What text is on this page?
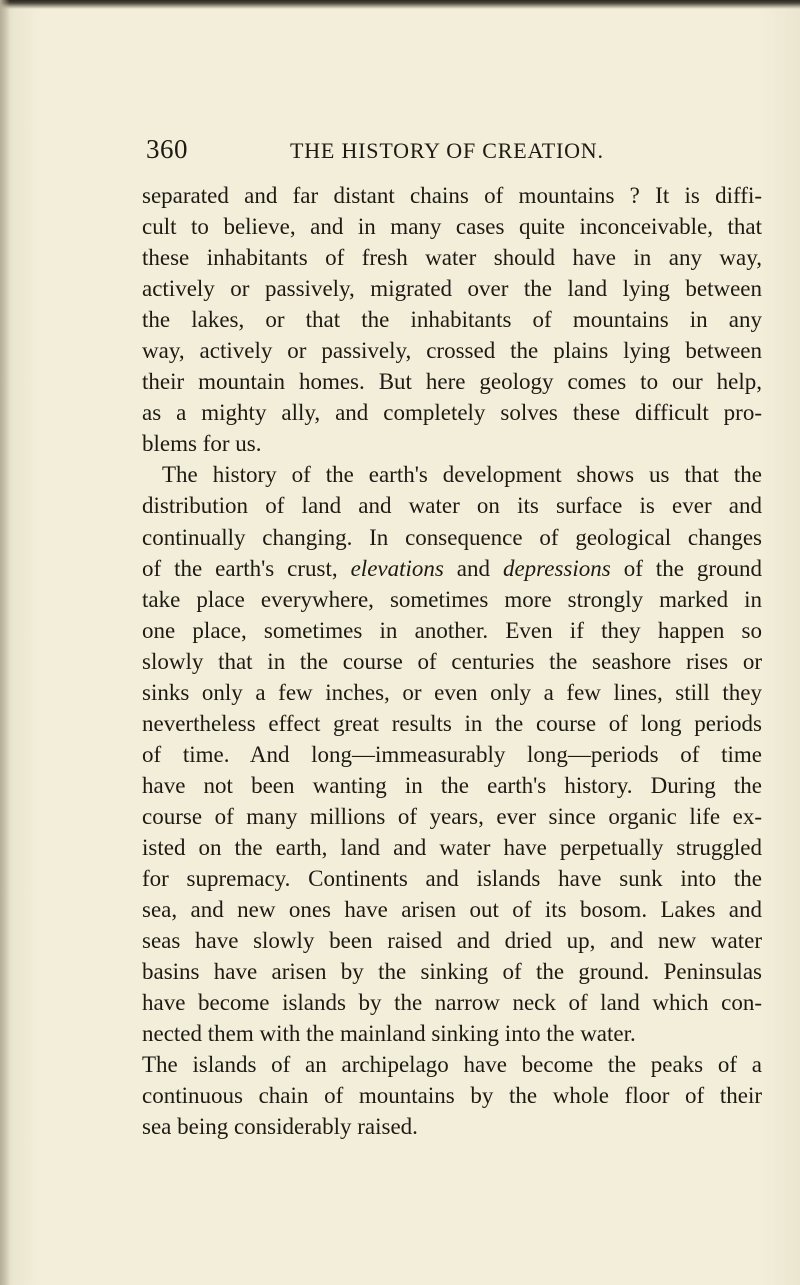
360	THE HISTORY OF CREATION.
separated and far distant chains of mountains ? It is diffi-
cult to believe, and in many cases quite inconceivable, that
these inhabitants of fresh water should have in any way,
actively or passively, migrated over the land lying between
the lakes, or that the inhabitants of mountains in any
way, actively or passively, crossed the plains lying between
their mountain homes. But here geology comes to our help,
as a mighty ally, and completely solves these difficult pro-
blems for us.
The history of the earth's development shows us that the
distribution of land and water on its surface is ever and
continually changing. In consequence of geological changes
of the earth's crust, elevations and depressions of the ground
take place everywhere, sometimes more strongly marked in
one place, sometimes in another. Even if they happen so
slowly that in the course of centuries the seashore rises or
sinks only a few inches, or even only a few lines, still they
nevertheless effect great results in the course of long periods
of time. And long—immeasurably long—periods of time
have not been wanting in the earth's history. During the
course of many millions of years, ever since organic life ex-
isted on the earth, land and water have perpetually struggled
for supremacy. Continents and islands have sunk into the
sea, and new ones have arisen out of its bosom. Lakes and
seas have slowly been raised and dried up, and new water
basins have arisen by the sinking of the ground. Peninsulas
have become islands by the narrow neck of land which con-
nected them with the mainland sinking into the water.
The islands of an archipelago have become the peaks of a
continuous chain of mountains by the whole floor of their
sea being considerably raised.
